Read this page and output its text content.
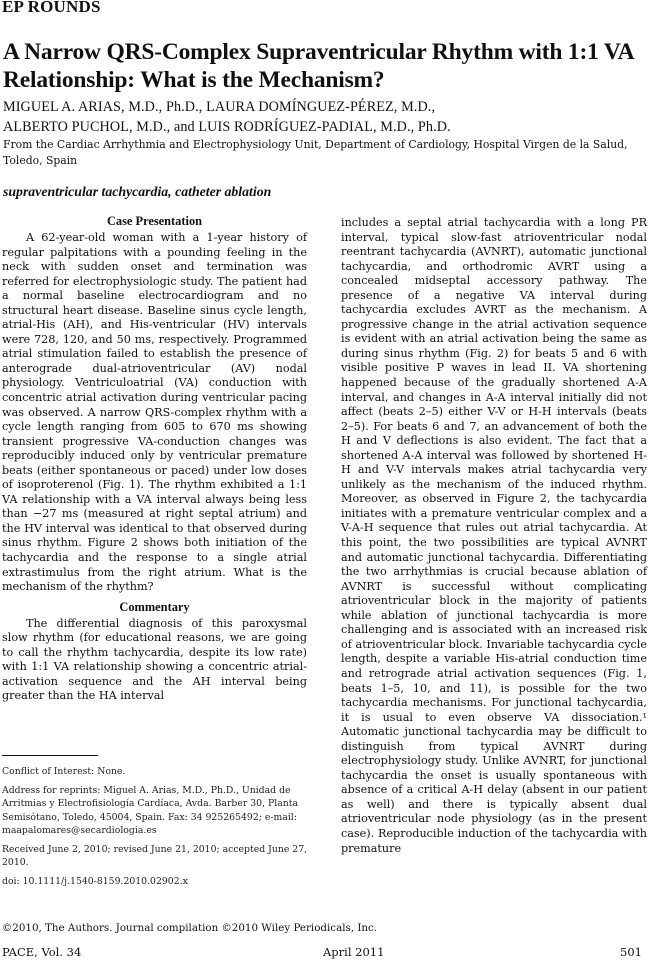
EP ROUNDS
A Narrow QRS-Complex Supraventricular Rhythm with 1:1 VA Relationship: What is the Mechanism?
MIGUEL A. ARIAS, M.D., Ph.D., LAURA DOMÍNGUEZ-PÉREZ, M.D.,
ALBERTO PUCHOL, M.D., and LUIS RODRÍGUEZ-PADIAL, M.D., Ph.D.
From the Cardiac Arrhythmia and Electrophysiology Unit, Department of Cardiology, Hospital Virgen de la Salud, Toledo, Spain
supraventricular tachycardia, catheter ablation
Case Presentation

A 62-year-old woman with a 1-year history of regular palpitations with a pounding feeling in the neck with sudden onset and termination was referred for electrophysiologic study. The patient had a normal baseline electrocardiogram and no structural heart disease. Baseline sinus cycle length, atrial-His (AH), and His-ventricular (HV) intervals were 728, 120, and 50 ms, respectively. Programmed atrial stimulation failed to establish the presence of anterograde dual-atrioventricular (AV) nodal physiology. Ventriculoatrial (VA) conduction with concentric atrial activation during ventricular pacing was observed. A narrow QRS-complex rhythm with a cycle length ranging from 605 to 670 ms showing transient progressive VA-conduction changes was reproducibly induced only by ventricular premature beats (either spontaneous or paced) under low doses of isoproterenol (Fig. 1). The rhythm exhibited a 1:1 VA relationship with a VA interval always being less than −27 ms (measured at right septal atrium) and the HV interval was identical to that observed during sinus rhythm. Figure 2 shows both initiation of the tachycardia and the response to a single atrial extrastimulus from the right atrium. What is the mechanism of the rhythm?

Commentary

The differential diagnosis of this paroxysmal slow rhythm (for educational reasons, we are going to call the rhythm tachycardia, despite its low rate) with 1:1 VA relationship showing a concentric atrial-activation sequence and the AH interval being greater than the HA interval

includes a septal atrial tachycardia with a long PR interval, typical slow-fast atrioventricular nodal reentrant tachycardia (AVNRT), automatic junctional tachycardia, and orthodromic AVRT using a concealed midseptal accessory pathway. The presence of a negative VA interval during tachycardia excludes AVRT as the mechanism. A progressive change in the atrial activation sequence is evident with an atrial activation being the same as during sinus rhythm (Fig. 2) for beats 5 and 6 with visible positive P waves in lead II. VA shortening happened because of the gradually shortened A-A interval, and changes in A-A interval initially did not affect (beats 2–5) either V-V or H-H intervals (beats 2–5). For beats 6 and 7, an advancement of both the H and V deflections is also evident. The fact that a shortened A-A interval was followed by shortened H-H and V-V intervals makes atrial tachycardia very unlikely as the mechanism of the induced rhythm. Moreover, as observed in Figure 2, the tachycardia initiates with a premature ventricular complex and a V-A-H sequence that rules out atrial tachycardia. At this point, the two possibilities are typical AVNRT and automatic junctional tachycardia. Differentiating the two arrhythmias is crucial because ablation of AVNRT is successful without complicating atrioventricular block in the majority of patients while ablation of junctional tachycardia is more challenging and is associated with an increased risk of atrioventricular block. Invariable tachycardia cycle length, despite a variable His-atrial conduction time and retrograde atrial activation sequences (Fig. 1, beats 1–5, 10, and 11), is possible for the two tachycardia mechanisms. For junctional tachycardia, it is usual to even observe VA dissociation.¹ Automatic junctional tachycardia may be difficult to distinguish from typical AVNRT during electrophysiology study. Unlike AVNRT, for junctional tachycardia the onset is usually spontaneous with absence of a critical A-H delay (absent in our patient as well) and there is typically absent dual atrioventricular node physiology (as in the present case). Reproducible induction of the tachycardia with premature

Conflict of Interest: None.
Address for reprints: Miguel A. Arias, M.D., Ph.D., Unidad de Arritmias y Electrofisiología Cardíaca, Avda. Barber 30, Planta Semisótano, Toledo, 45004, Spain. Fax: 34 925265492; e-mail: maapalomares@secardiologia.es
Received June 2, 2010; revised June 21, 2010; accepted June 27, 2010.
doi: 10.1111/j.1540-8159.2010.02902.x
©2010, The Authors. Journal compilation ©2010 Wiley Periodicals, Inc.
PACE, Vol. 34	April 2011	501
